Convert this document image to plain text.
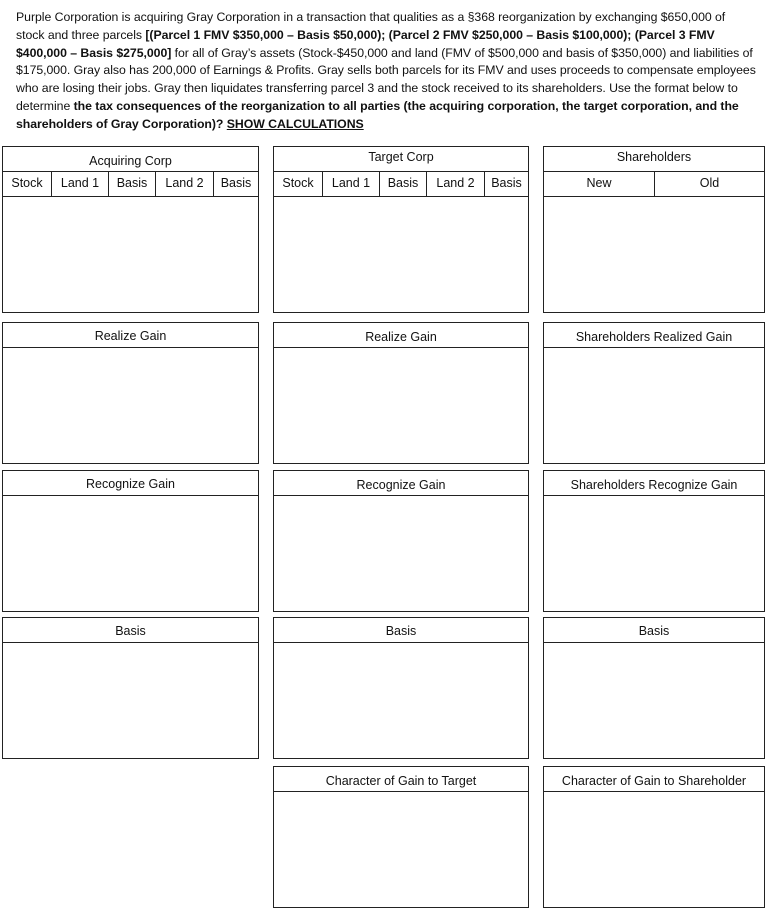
Purple Corporation is acquiring Gray Corporation in a transaction that qualities as a §368 reorganization by exchanging $650,000 of stock and three parcels [(Parcel 1 FMV $350,000 – Basis $50,000); (Parcel 2 FMV $250,000 – Basis $100,000); (Parcel 3 FMV $400,000 – Basis $275,000] for all of Gray’s assets (Stock-$450,000 and land (FMV of $500,000 and basis of $350,000) and liabilities of $175,000. Gray also has 200,000 of Earnings & Profits. Gray sells both parcels for its FMV and uses proceeds to compensate employees who are losing their jobs. Gray then liquidates transferring parcel 3 and the stock received to its shareholders. Use the format below to determine the tax consequences of the reorganization to all parties (the acquiring corporation, the target corporation, and the shareholders of Gray Corporation)? SHOW CALCULATIONS
Acquiring Corp
Stock	Land 1	Basis	Land 2	Basis
Target Corp
Stock	Land 1	Basis	Land 2	Basis
Shareholders
New	Old
Realize Gain	Realize Gain	Shareholders Realized Gain
Recognize Gain	Recognize Gain	Shareholders Recognize Gain
Basis	Basis	Basis
Character of Gain to Target	Character of Gain to Shareholder
